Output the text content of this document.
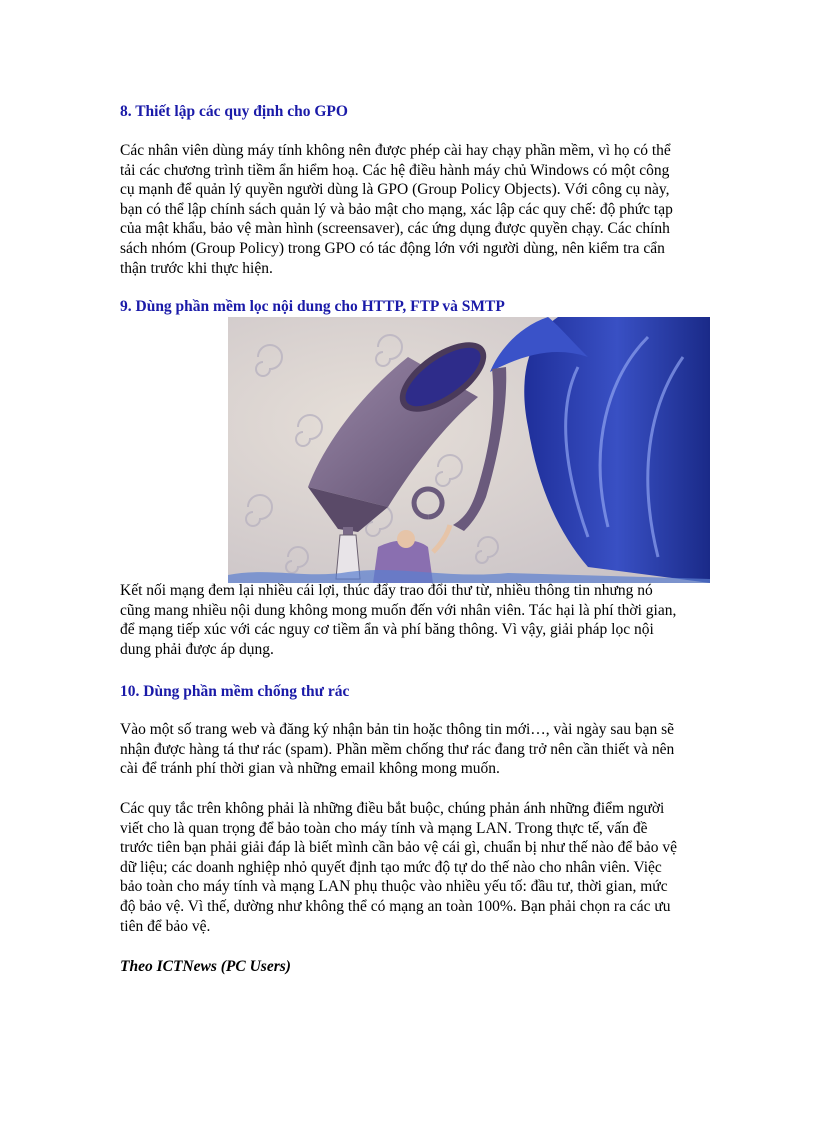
8. Thiết lập các quy định cho GPO
Các nhân viên dùng máy tính không nên được phép cài hay chạy phần mềm, vì họ có thể
tải các chương trình tiềm ẩn hiểm hoạ. Các hệ điều hành máy chủ Windows có một công
cụ mạnh để quản lý quyền người dùng là GPO (Group Policy Objects). Với công cụ này,
bạn có thể lập chính sách quản lý và bảo mật cho mạng, xác lập các quy chế: độ phức tạp
của mật khẩu, bảo vệ màn hình (screensaver), các ứng dụng được quyền chạy. Các chính
sách nhóm (Group Policy) trong GPO có tác động lớn với người dùng, nên kiểm tra cẩn
thận trước khi thực hiện.
9. Dùng phần mềm lọc nội dung cho HTTP, FTP và SMTP
Kết nối mạng đem lại nhiều cái lợi, thúc đẩy trao đổi thư từ, nhiều thông tin nhưng nó
cũng mang nhiều nội dung không mong muốn đến với nhân viên. Tác hại là phí thời gian,
để mạng tiếp xúc với các nguy cơ tiềm ẩn và phí băng thông. Vì vậy, giải pháp lọc nội
dung phải được áp dụng.
10. Dùng phần mềm chống thư rác
Vào một số trang web và đăng ký nhận bản tin hoặc thông tin mới…, vài ngày sau bạn sẽ
nhận được hàng tá thư rác (spam). Phần mềm chống thư rác đang trở nên cần thiết và nên
cài để tránh phí thời gian và những email không mong muốn.
Các quy tắc trên không phải là những điều bắt buộc, chúng phản ánh những điểm người
viết cho là quan trọng để bảo toàn cho máy tính và mạng LAN. Trong thực tế, vấn đề
trước tiên bạn phải giải đáp là biết mình cần bảo vệ cái gì, chuẩn bị như thế nào để bảo vệ
dữ liệu; các doanh nghiệp nhỏ quyết định tạo mức độ tự do thế nào cho nhân viên. Việc
bảo toàn cho máy tính và mạng LAN phụ thuộc vào nhiều yếu tố: đầu tư, thời gian, mức
độ bảo vệ. Vì thế, dường như không thể có mạng an toàn 100%. Bạn phải chọn ra các ưu
tiên để bảo vệ.
Theo ICTNews (PC Users)
